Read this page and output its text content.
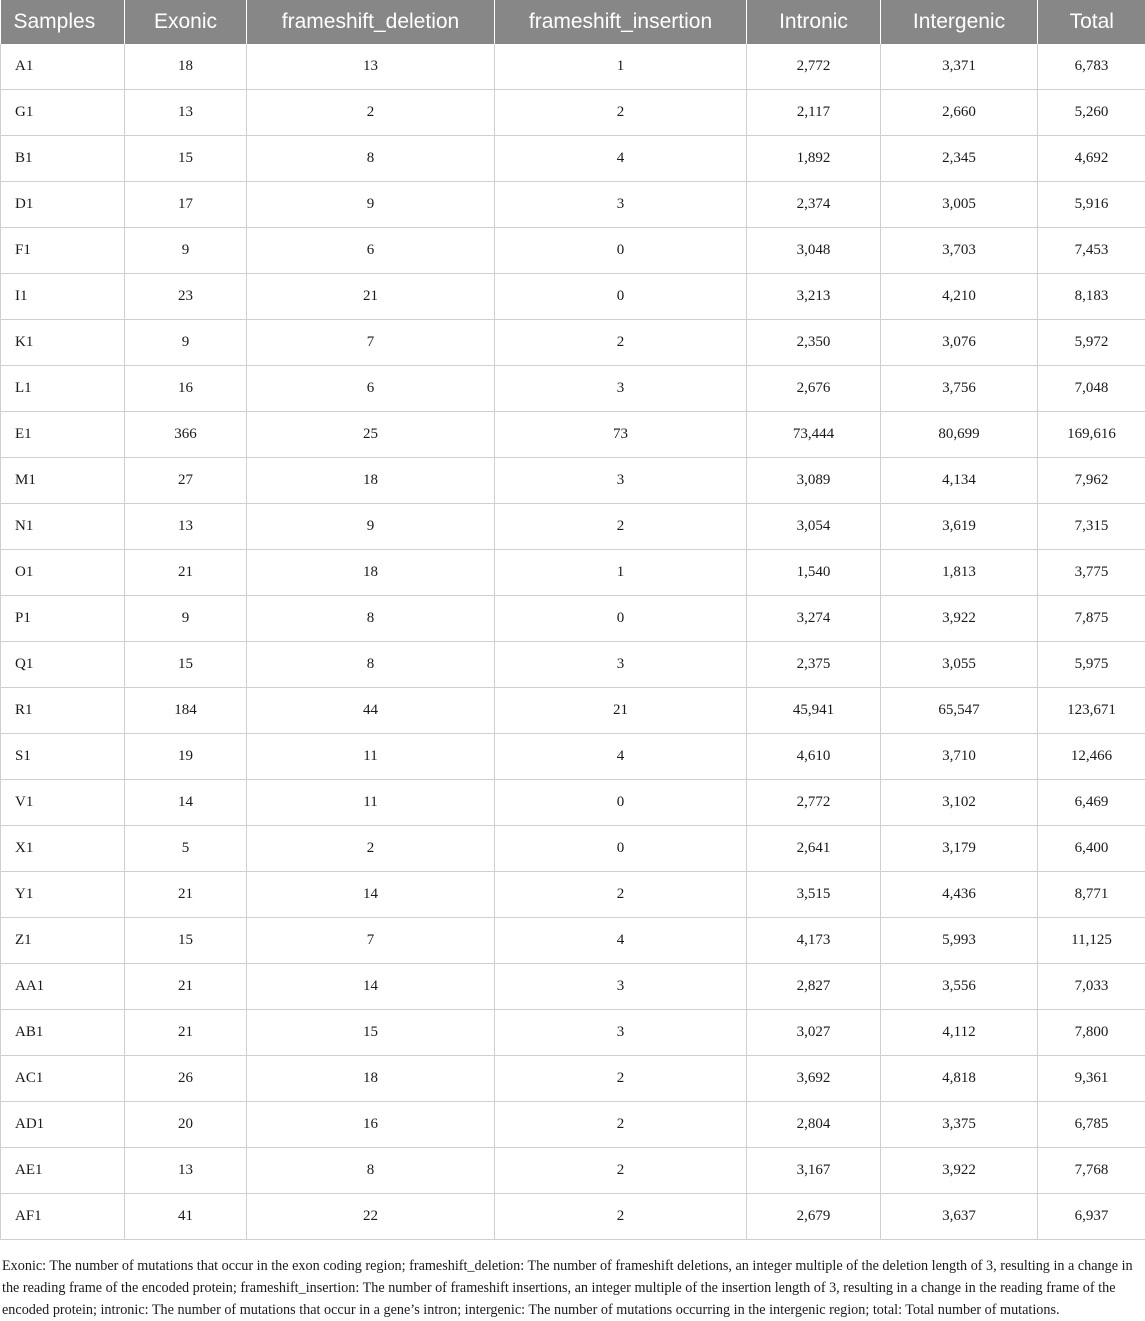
Samples	Exonic	frameshift_deletion	frameshift_insertion	Intronic	Intergenic	Total
A1	18	13	1	2,772	3,371	6,783
G1	13	2	2	2,117	2,660	5,260
B1	15	8	4	1,892	2,345	4,692
D1	17	9	3	2,374	3,005	5,916
F1	9	6	0	3,048	3,703	7,453
I1	23	21	0	3,213	4,210	8,183
K1	9	7	2	2,350	3,076	5,972
L1	16	6	3	2,676	3,756	7,048
E1	366	25	73	73,444	80,699	169,616
M1	27	18	3	3,089	4,134	7,962
N1	13	9	2	3,054	3,619	7,315
O1	21	18	1	1,540	1,813	3,775
P1	9	8	0	3,274	3,922	7,875
Q1	15	8	3	2,375	3,055	5,975
R1	184	44	21	45,941	65,547	123,671
S1	19	11	4	4,610	3,710	12,466
V1	14	11	0	2,772	3,102	6,469
X1	5	2	0	2,641	3,179	6,400
Y1	21	14	2	3,515	4,436	8,771
Z1	15	7	4	4,173	5,993	11,125
AA1	21	14	3	2,827	3,556	7,033
AB1	21	15	3	3,027	4,112	7,800
AC1	26	18	2	3,692	4,818	9,361
AD1	20	16	2	2,804	3,375	6,785
AE1	13	8	2	3,167	3,922	7,768
AF1	41	22	2	2,679	3,637	6,937

Exonic: The number of mutations that occur in the exon coding region; frameshift_deletion: The number of frameshift deletions, an integer multiple of the deletion length of 3, resulting in a change in the reading frame of the encoded protein; frameshift_insertion: The number of frameshift insertions, an integer multiple of the insertion length of 3, resulting in a change in the reading frame of the encoded protein; intronic: The number of mutations that occur in a gene’s intron; intergenic: The number of mutations occurring in the intergenic region; total: Total number of mutations.
